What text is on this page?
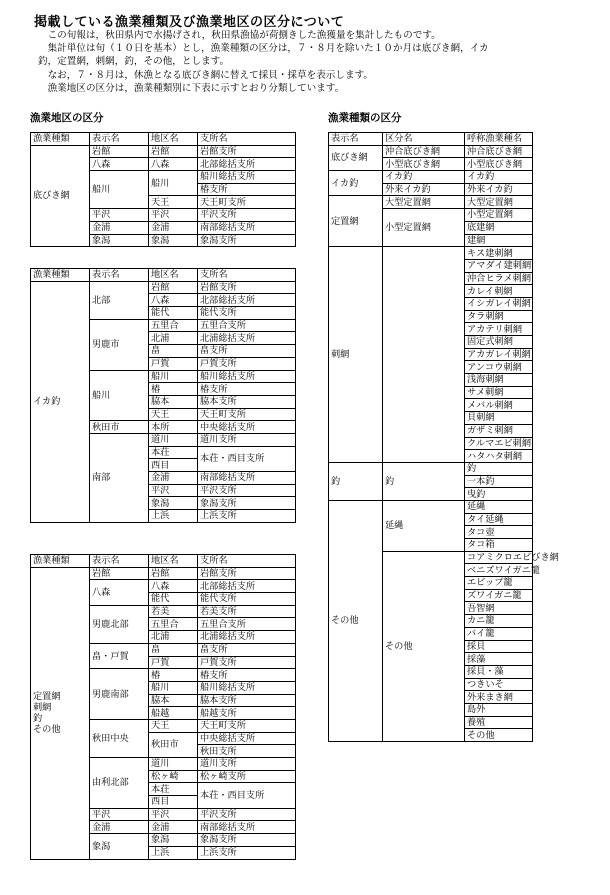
掲載している漁業種類及び漁業地区の区分について

　この旬報は，秋田県内で水揚げされ，秋田県漁協が荷捌きした漁獲量を集計したものです。

　集計単位は旬（１０日を基本）とし，漁業種類の区分は，７・８月を除いた１０か月は底びき網，イカ

釣，定置網，刺網，釣，その他，とします。

　なお，７・８月は，休漁となる底びき網に替えて採貝・採草を表示します。

　漁業地区の区分は，漁業種類別に下表に示すとおり分類しています。

漁業地区の区分	漁業種類の区分
漁業種類	表示名	地区名	支所名
底びき網	岩館	岩館	岩館支所
	八森	八森	北部総括支所
	船川	船川	船川総括支所
			椿支所
		天王	天王町支所
	平沢	平沢	平沢支所
	金浦	金浦	南部総括支所
	象潟	象潟	象潟支所
漁業種類	表示名	地区名	支所名
イカ釣	北部	岩館	岩館支所
		八森	北部総括支所
		能代	能代支所
	男鹿市	五里合	五里合支所
		北浦	北浦総括支所
		畠	畠支所
		戸賀	戸賀支所
	船川	船川	船川総括支所
		椿	椿支所
		脇本	脇本支所
		天王	天王町支所
	秋田市	本所	中央総括支所
	南部	道川	道川支所
		本荘	本荘・西目支所
		西目	
		金浦	南部総括支所
		平沢	平沢支所
		象潟	象潟支所
		上浜	上浜支所
漁業種類	表示名	地区名	支所名

定置網
刺網
釣
その他	岩館	岩館	岩館支所
	八森	八森	北部総括支所
		能代	能代支所
	男鹿北部	若美	若美支所
		五里合	五里合支所
		北浦	北浦総括支所
	畠・戸賀	畠	畠支所
		戸賀	戸賀支所
	男鹿南部	椿	椿支所
		船川	船川総括支所
		脇本	脇本支所
		船越	船越支所
	秋田中央	天王	天王町支所
		秋田市	中央総括支所
			秋田支所
	由利北部	道川	道川支所
		松ヶ崎	松ヶ崎支所
		本荘	本荘・西目支所
		西目	
	平沢	平沢	平沢支所
	金浦	金浦	南部総括支所
	象潟	象潟	象潟支所
		上浜	上浜支所
表示名	区分名	呼称漁業種名
底びき網	沖合底びき網	沖合底びき網
	小型底びき網	小型底びき網
イカ釣	イカ釣	イカ釣
	外来イカ釣	外来イカ釣
定置網	大型定置網	大型定置網
	小型定置網	小型定置網
		底建網
		建網
刺網		キス建刺網
		アマダイ建刺網
		沖合ヒラメ刺網
		カレイ刺網
		イシガレイ刺網
		タラ刺網
		アカテリ刺網
		固定式刺網
		アカガレイ刺網
		アンコウ刺網
		浅海刺網
		サメ刺網
		メバル刺網
		貝刺網
		ガザミ刺網
		クルマエビ刺網
		ハタハタ刺網
釣	釣	釣
		一本釣
		曳釣
その他	延縄	延縄
		タイ延縄
		タコ壺
		タコ箱
	その他	コアミクロエビびき網
		ベニズワイガニ籠
		エビップ籠
		ズワイガニ籠
		吾智網
		カニ籠
		バイ籠
		採貝
		採藻
		採貝・藻
		つきいそ
		外来まき網
		島外
		養殖
		その他
